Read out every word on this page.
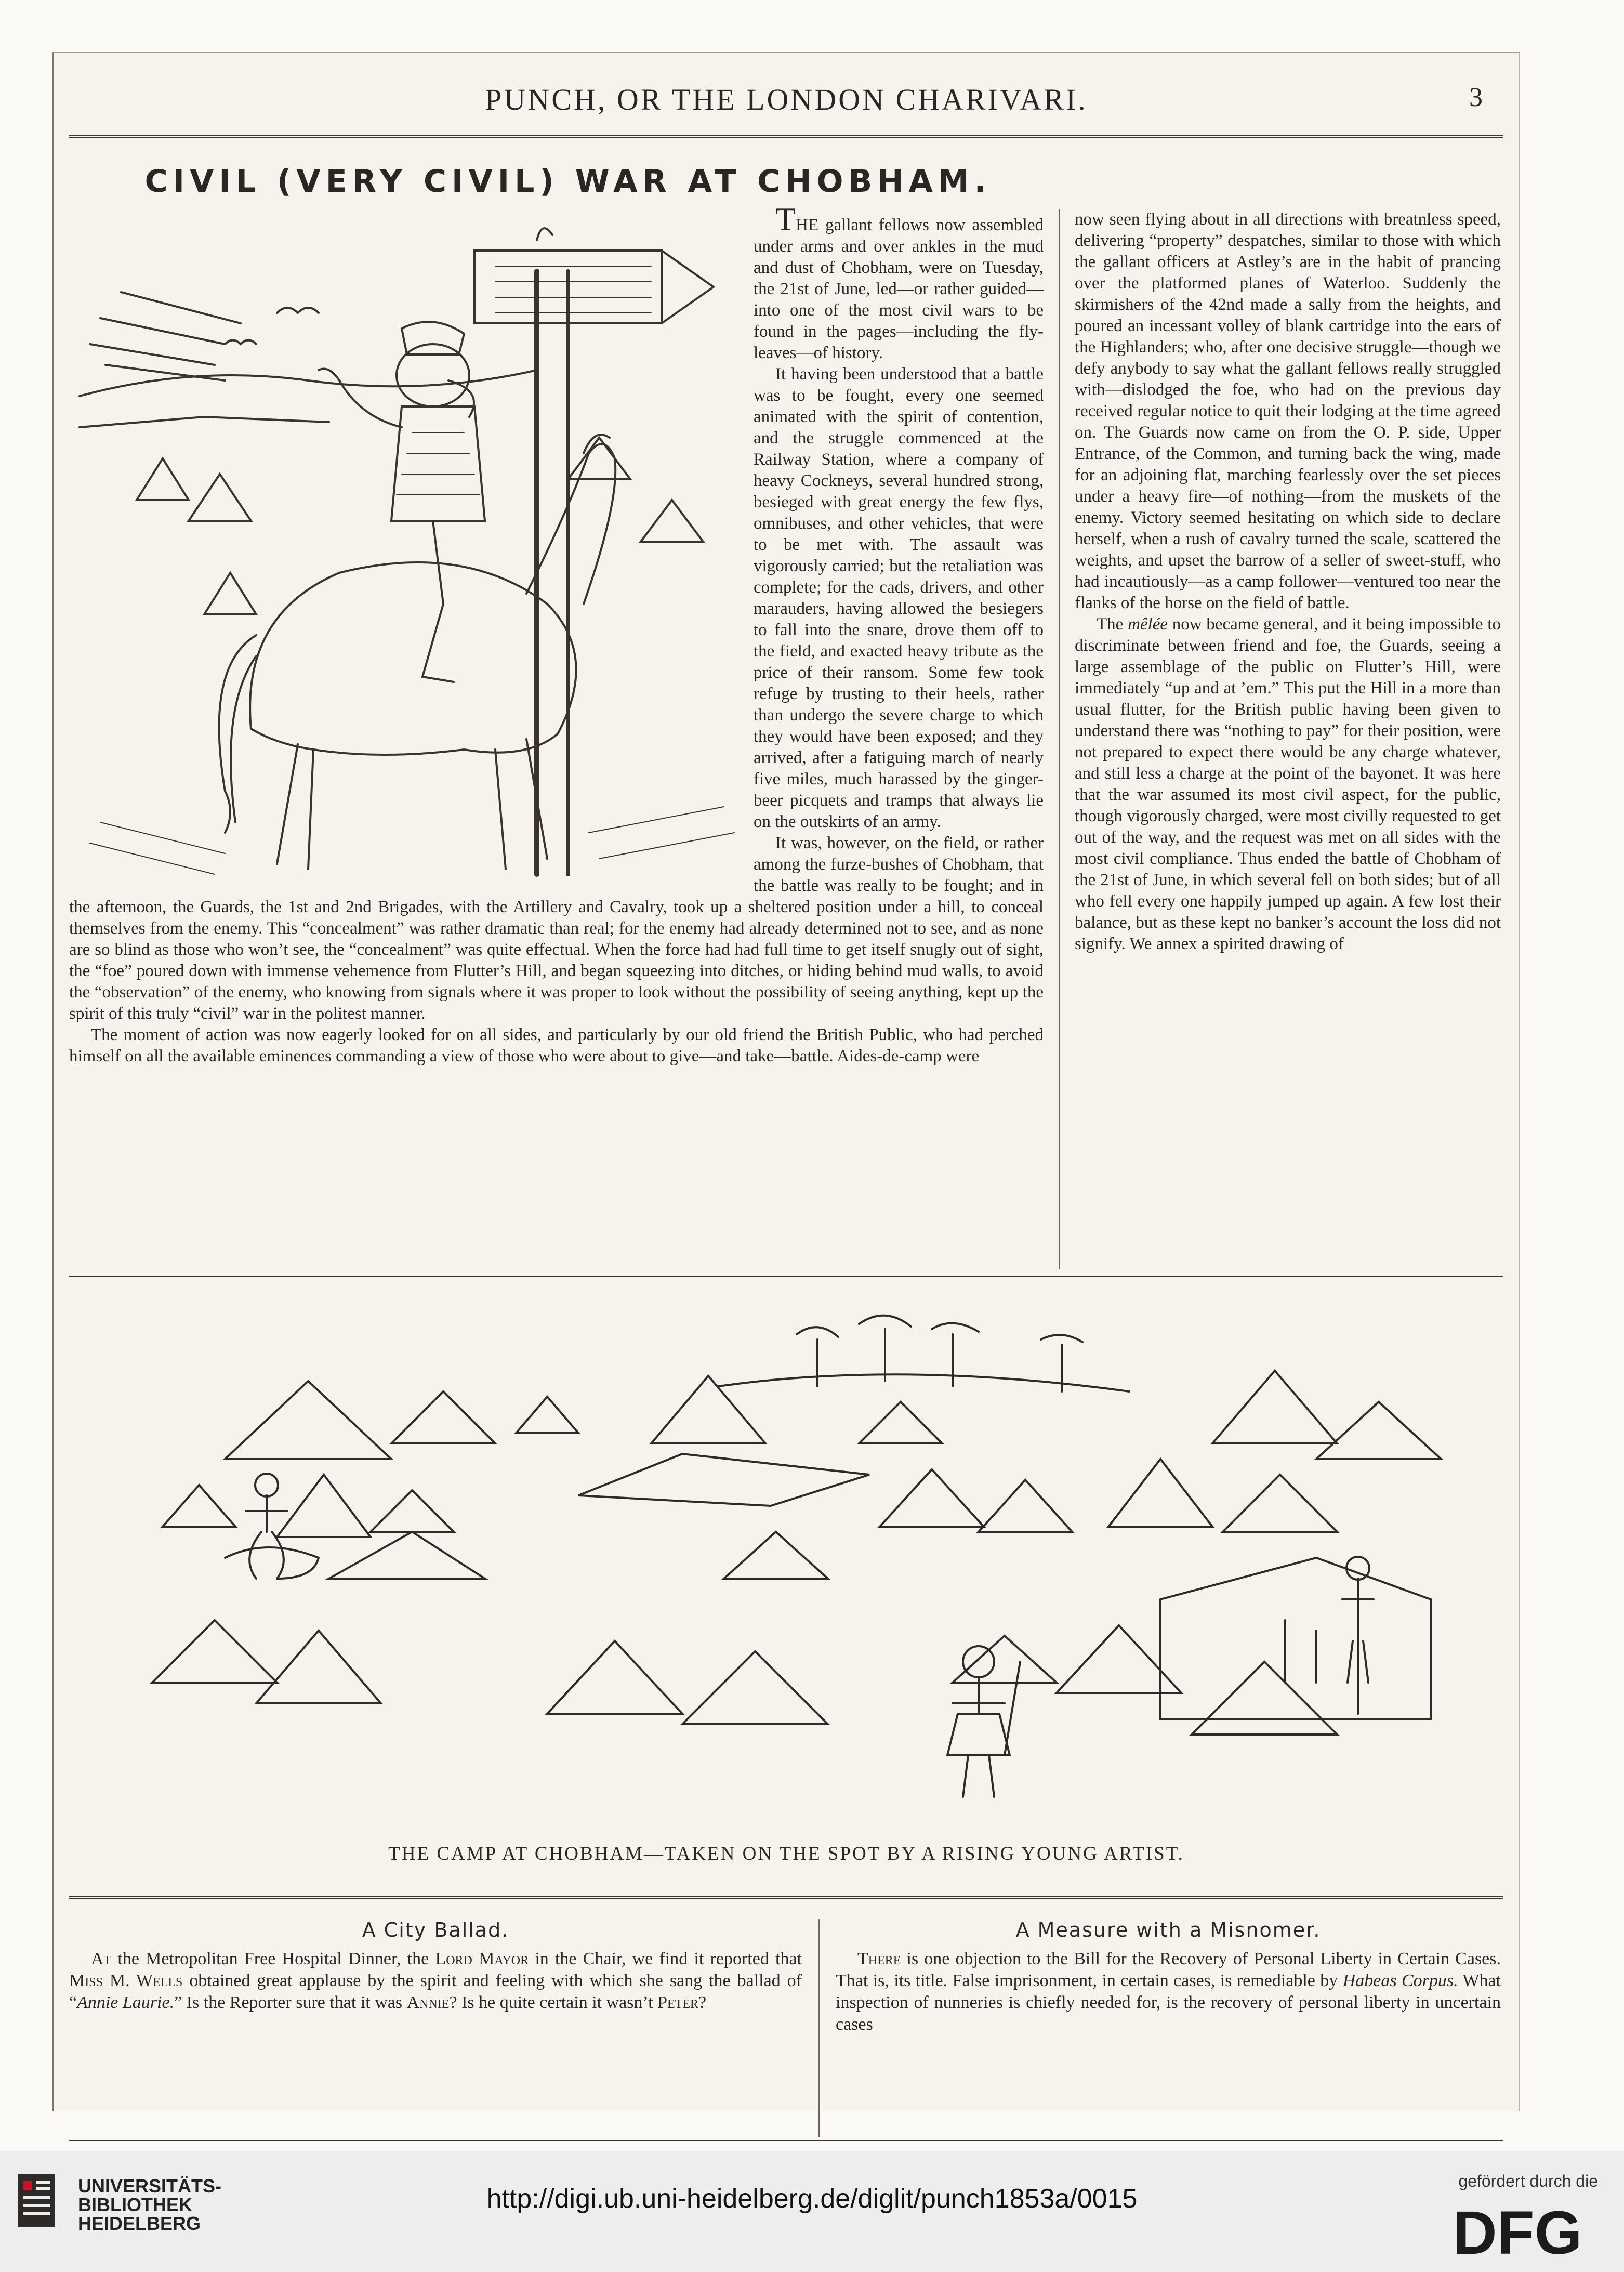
PUNCH, OR THE LONDON CHARIVARI.	3
CIVIL (VERY CIVIL) WAR AT CHOBHAM.

THE gallant fellows now assembled under arms and over ankles in the mud and dust of Chobham, were on Tuesday, the 21st of June, led—or rather guided—into one of the most civil wars to be found in the pages—including the fly-leaves—of history.

It having been understood that a battle was to be fought, every one seemed animated with the spirit of contention, and the struggle commenced at the Railway Station, where a company of heavy Cockneys, several hundred strong, besieged with great energy the few flys, omnibuses, and other vehicles, that were to be met with. The assault was vigorously carried; but the retaliation was complete; for the cads, drivers, and other marauders, having allowed the besiegers to fall into the snare, drove them off to the field, and exacted heavy tribute as the price of their ransom. Some few took refuge by trusting to their heels, rather than undergo the severe charge to which they would have been exposed; and they arrived, after a fatiguing march of nearly five miles, much harassed by the ginger-beer picquets and tramps that always lie on the outskirts of an army.

It was, however, on the field, or rather among the furze-bushes of Chobham, that the battle was really to be fought; and in the afternoon, the Guards, the 1st and 2nd Brigades, with the Artillery and Cavalry, took up a sheltered position under a hill, to conceal themselves from the enemy. This “concealment” was rather dramatic than real; for the enemy had already determined not to see, and as none are so blind as those who won’t see, the “concealment” was quite effectual. When the force had had full time to get itself snugly out of sight, the “foe” poured down with immense vehemence from Flutter’s Hill, and began squeezing into ditches, or hiding behind mud walls, to avoid the “observation” of the enemy, who knowing from signals where it was proper to look without the possibility of seeing anything, kept up the spirit of this truly “civil” war in the politest manner.

The moment of action was now eagerly looked for on all sides, and particularly by our old friend the British Public, who had perched himself on all the available eminences commanding a view of those who were about to give—and take—battle. Aides-de-camp were

now seen flying about in all directions with breatnless speed, delivering “property” despatches, similar to those with which the gallant officers at Astley’s are in the habit of prancing over the platformed planes of Waterloo. Suddenly the skirmishers of the 42nd made a sally from the heights, and poured an incessant volley of blank cartridge into the ears of the Highlanders; who, after one decisive struggle—though we defy anybody to say what the gallant fellows really struggled with—dislodged the foe, who had on the previous day received regular notice to quit their lodging at the time agreed on. The Guards now came on from the O. P. side, Upper Entrance, of the Common, and turning back the wing, made for an adjoining flat, marching fearlessly over the set pieces under a heavy fire—of nothing—from the muskets of the enemy. Victory seemed hesitating on which side to declare herself, when a rush of cavalry turned the scale, scattered the weights, and upset the barrow of a seller of sweet-stuff, who had incautiously—as a camp follower—ventured too near the flanks of the horse on the field of battle.

The mêlée now became general, and it being impossible to discriminate between friend and foe, the Guards, seeing a large assemblage of the public on Flutter’s Hill, were immediately “up and at ’em.” This put the Hill in a more than usual flutter, for the British public having been given to understand there was “nothing to pay” for their position, were not prepared to expect there would be any charge whatever, and still less a charge at the point of the bayonet. It was here that the war assumed its most civil aspect, for the public, though vigorously charged, were most civilly requested to get out of the way, and the request was met on all sides with the most civil compliance. Thus ended the battle of Chobham of the 21st of June, in which several fell on both sides; but of all who fell every one happily jumped up again. A few lost their balance, but as these kept no banker’s account the loss did not signify. We annex a spirited drawing of

THE CAMP AT CHOBHAM—TAKEN ON THE SPOT BY A RISING YOUNG ARTIST.
A City Ballad.

At the Metropolitan Free Hospital Dinner, the Lord Mayor in the Chair, we find it reported that Miss M. Wells obtained great applause by the spirit and feeling with which she sang the ballad of “Annie Laurie.” Is the Reporter sure that it was Annie? Is he quite certain it wasn’t Peter?

A Measure with a Misnomer.

There is one objection to the Bill for the Recovery of Personal Liberty in Certain Cases. That is, its title. False imprisonment, in certain cases, is remediable by Habeas Corpus. What inspection of nunneries is chiefly needed for, is the recovery of personal liberty in uncertain cases

UNIVERSITÄTS-
BIBLIOTHEK
HEIDELBERG
http://digi.ub.uni-heidelberg.de/diglit/punch1853a/0015
gefördert durch die
DFG
